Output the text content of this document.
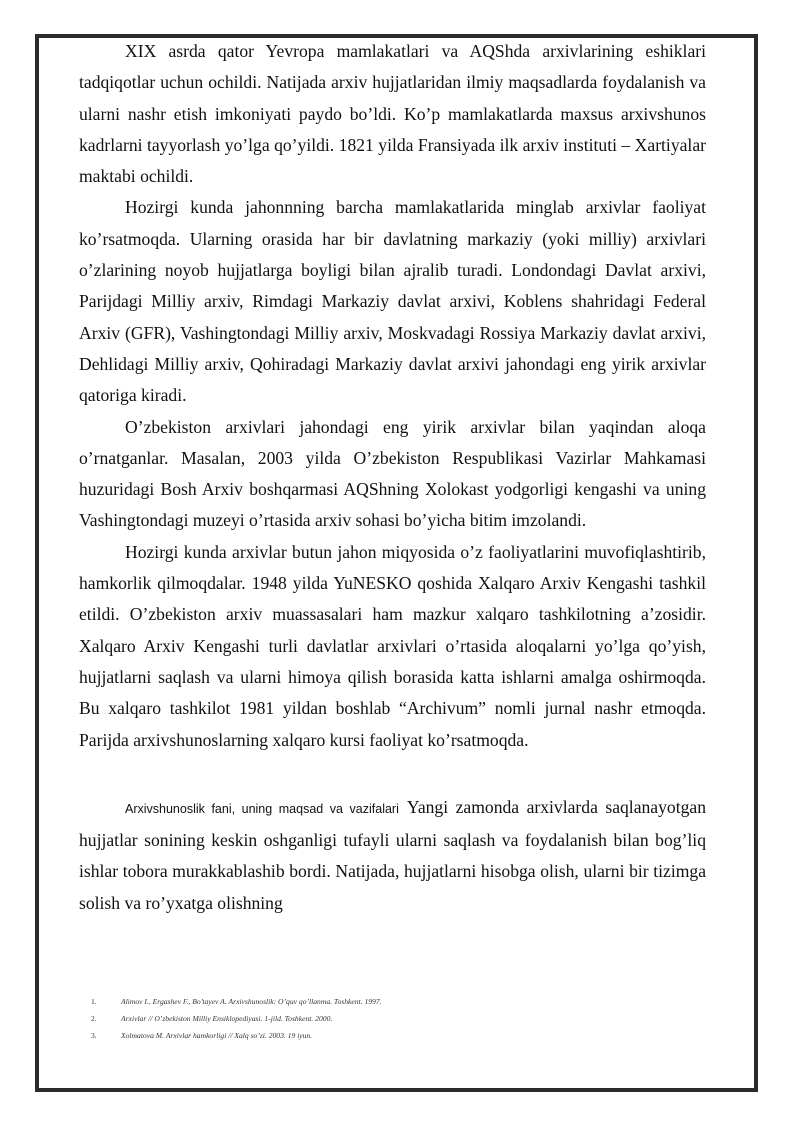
XIX asrda qator Yevropa mamlakatlari va AQShda arxivlarining eshiklari tadqiqotlar uchun ochildi. Natijada arxiv hujjatlaridan ilmiy maqsadlarda foydalanish va ularni nashr etish imkoniyati paydo bo’ldi. Ko’p mamlakatlarda maxsus arxivshunos kadrlarni tayyorlash yo’lga qo’yildi. 1821 yilda Fransiyada ilk arxiv instituti – Xartiyalar maktabi ochildi.

Hozirgi kunda jahonnning barcha mamlakatlarida minglab arxivlar faoliyat ko’rsatmoqda. Ularning orasida har bir davlatning markaziy (yoki milliy) arxivlari o’zlarining noyob hujjatlarga boyligi bilan ajralib turadi. Londondagi Davlat arxivi, Parijdagi Milliy arxiv, Rimdagi Markaziy davlat arxivi, Koblens shahridagi Federal Arxiv (GFR), Vashingtondagi Milliy arxiv, Moskvadagi Rossiya Markaziy davlat arxivi, Dehlidagi Milliy arxiv, Qohiradagi Markaziy davlat arxivi jahondagi eng yirik arxivlar qatoriga kiradi.

O’zbekiston arxivlari jahondagi eng yirik arxivlar bilan yaqindan aloqa o’rnatganlar. Masalan, 2003 yilda O’zbekiston Respublikasi Vazirlar Mahkamasi huzuridagi Bosh Arxiv boshqarmasi AQShning Xolokast yodgorligi kengashi va uning Vashingtondagi muzeyi o’rtasida arxiv sohasi bo’yicha bitim imzolandi.

Hozirgi kunda arxivlar butun jahon miqyosida o’z faoliyatlarini muvofiqlashtirib, hamkorlik qilmoqdalar. 1948 yilda YuNESKO qoshida Xalqaro Arxiv Kengashi tashkil etildi. O’zbekiston arxiv muassasalari ham mazkur xalqaro tashkilotning a’zosidir. Xalqaro Arxiv Kengashi turli davlatlar arxivlari o’rtasida aloqalarni yo’lga qo’yish, hujjatlarni saqlash va ularni himoya qilish borasida katta ishlarni amalga oshirmoqda. Bu xalqaro tashkilot 1981 yildan boshlab “Archivum” nomli jurnal nashr etmoqda. Parijda arxivshunoslarning xalqaro kursi faoliyat ko’rsatmoqda.

Arxivshunoslik fani, uning maqsad va vazifalari Yangi zamonda arxivlarda saqlanayotgan hujjatlar sonining keskin oshganligi tufayli ularni saqlash va foydalanish bilan bog’liq ishlar tobora murakkablashib bordi. Natijada, hujjatlarni hisobga olish, ularni bir tizimga solish va ro’yxatga olishning

1.	Alimov I., Ergashev F., Bo’tayev A. Arxivshunoslik: O’quv qo’llanma. Toshkent. 1997.
2.	Arxivlar // O’zbekiston Milliy Ensiklopediyasi. 1-jild. Toshkent. 2000.
3.	Xolmatova M. Arxivlar hamkorligi // Xalq so’zi. 2003. 19 iyun.
